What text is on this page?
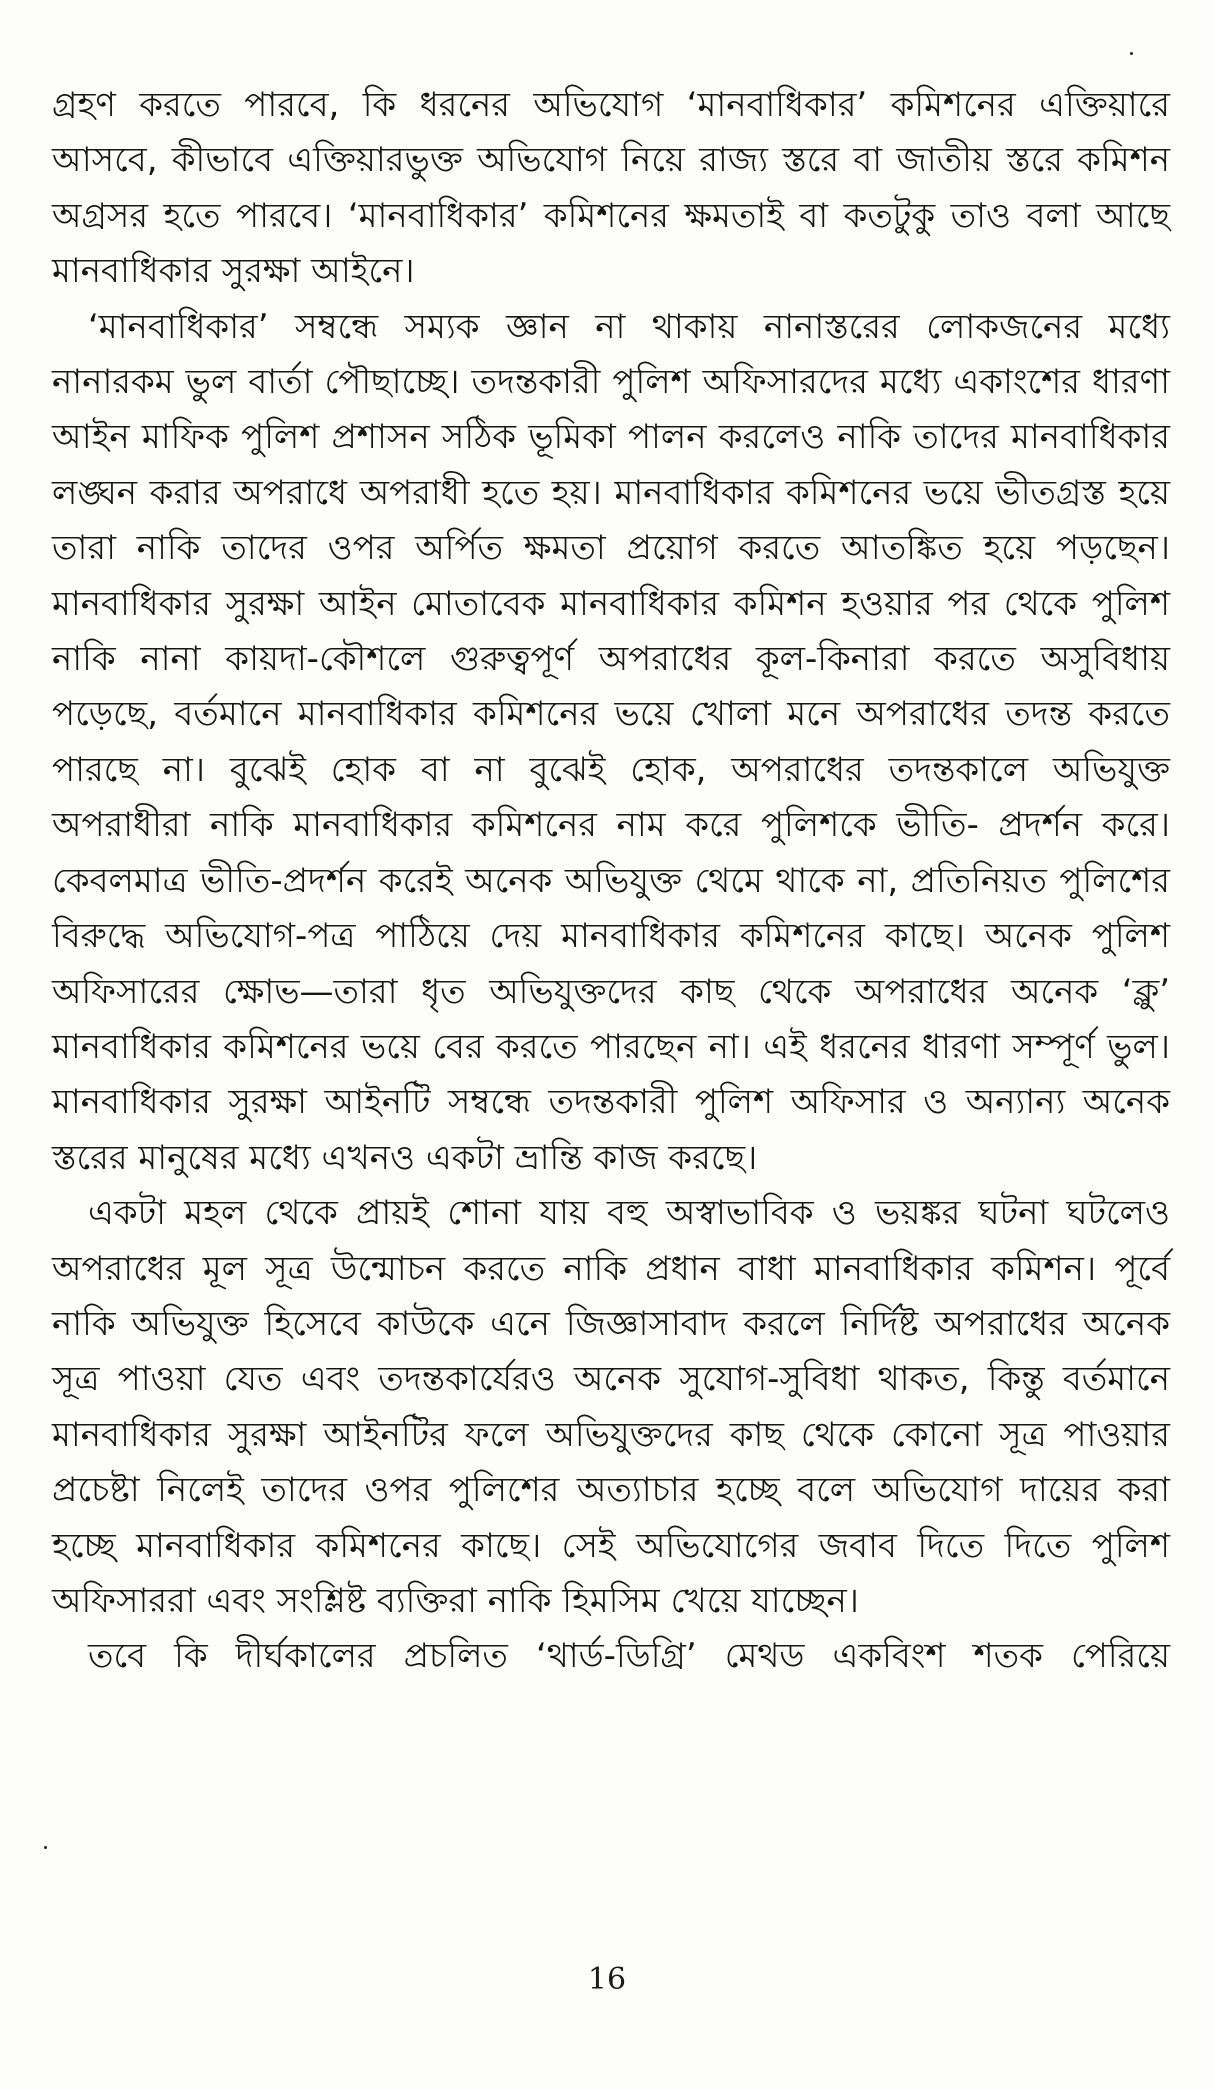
গ্রহণ করতে পারবে, কি ধরনের অভিযোগ ‘মানবাধিকার’ কমিশনের এক্তিয়ারে আসবে, কীভাবে এক্তিয়ারভুক্ত অভিযোগ নিয়ে রাজ্য স্তরে বা জাতীয় স্তরে কমিশন অগ্রসর হতে পারবে। ‘মানবাধিকার’ কমিশনের ক্ষমতাই বা কতটুকু তাও বলা আছে মানবাধিকার সুরক্ষা আইনে।

‘মানবাধিকার’ সম্বন্ধে সম্যক জ্ঞান না থাকায় নানাস্তরের লোকজনের মধ্যে নানারকম ভুল বার্তা পৌছাচ্ছে। তদন্তকারী পুলিশ অফিসারদের মধ্যে একাংশের ধারণা আইন মাফিক পুলিশ প্রশাসন সঠিক ভূমিকা পালন করলেও নাকি তাদের মানবাধিকার লঙ্ঘন করার অপরাধে অপরাধী হতে হয়। মানবাধিকার কমিশনের ভয়ে ভীতগ্রস্ত হয়ে তারা নাকি তাদের ওপর অর্পিত ক্ষমতা প্রয়োগ করতে আতঙ্কিত হয়ে পড়ছেন। মানবাধিকার সুরক্ষা আইন মোতাবেক মানবাধিকার কমিশন হওয়ার পর থেকে পুলিশ নাকি নানা কায়দা-কৌশলে গুরুত্বপূর্ণ অপরাধের কূল-কিনারা করতে অসুবিধায় পড়েছে, বর্তমানে মানবাধিকার কমিশনের ভয়ে খোলা মনে অপরাধের তদন্ত করতে পারছে না। বুঝেই হোক বা না বুঝেই হোক, অপরাধের তদন্তকালে অভিযুক্ত অপরাধীরা নাকি মানবাধিকার কমিশনের নাম করে পুলিশকে ভীতি- প্রদর্শন করে। কেবলমাত্র ভীতি-প্রদর্শন করেই অনেক অভিযুক্ত থেমে থাকে না, প্রতিনিয়ত পুলিশের বিরুদ্ধে অভিযোগ-পত্র পাঠিয়ে দেয় মানবাধিকার কমিশনের কাছে। অনেক পুলিশ অফিসারের ক্ষোভ—তারা ধৃত অভিযুক্তদের কাছ থেকে অপরাধের অনেক ‘ক্লু’ মানবাধিকার কমিশনের ভয়ে বের করতে পারছেন না। এই ধরনের ধারণা সম্পূর্ণ ভুল। মানবাধিকার সুরক্ষা আইনটি সম্বন্ধে তদন্তকারী পুলিশ অফিসার ও অন্যান্য অনেক স্তরের মানুষের মধ্যে এখনও একটা ভ্রান্তি কাজ করছে।

একটা মহল থেকে প্রায়ই শোনা যায় বহু অস্বাভাবিক ও ভয়ঙ্কর ঘটনা ঘটলেও অপরাধের মূল সূত্র উন্মোচন করতে নাকি প্রধান বাধা মানবাধিকার কমিশন। পূর্বে নাকি অভিযুক্ত হিসেবে কাউকে এনে জিজ্ঞাসাবাদ করলে নির্দিষ্ট অপরাধের অনেক সূত্র পাওয়া যেত এবং তদন্তকার্যেরও অনেক সুযোগ-সুবিধা থাকত, কিন্তু বর্তমানে মানবাধিকার সুরক্ষা আইনটির ফলে অভিযুক্তদের কাছ থেকে কোনো সূত্র পাওয়ার প্রচেষ্টা নিলেই তাদের ওপর পুলিশের অত্যাচার হচ্ছে বলে অভিযোগ দায়ের করা হচ্ছে মানবাধিকার কমিশনের কাছে। সেই অভিযোগের জবাব দিতে দিতে পুলিশ অফিসাররা এবং সংশ্লিষ্ট ব্যক্তিরা নাকি হিমসিম খেয়ে যাচ্ছেন।

তবে কি দীর্ঘকালের প্রচলিত ‘থার্ড-ডিগ্রি’ মেথড একবিংশ শতক পেরিয়ে

16
